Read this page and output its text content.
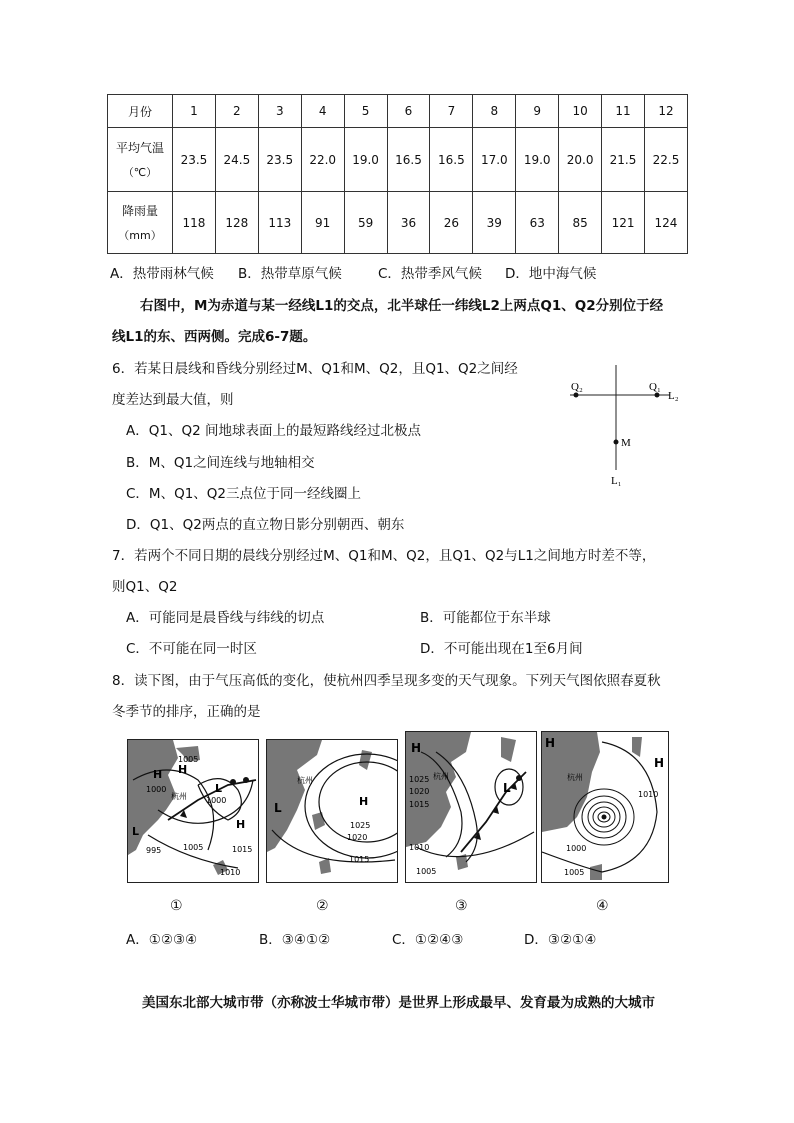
月份	1	2	3	4	5	6	7	8	9	10	11	12

平均气温
（℃）	23.5	24.5	23.5	22.0	19.0	16.5	16.5	17.0	19.0	20.0	21.5	22.5

降雨量
（mm）	118	128	113	91	59	36	26	39	63	85	121	124
A．热带雨林气候 B．热带草原气候	C．热带季风气候 D．地中海气候
右图中，M为赤道与某一经线L1的交点，北半球任一纬线L2上两点Q1、Q2分别位于经
线L1的东、西两侧。完成6-7题。
6．若某日晨线和昏线分别经过M、Q1和M、Q2，且Q1、Q2之间经
度差达到最大值，则
A．Q1、Q2 间地球表面上的最短路线经过北极点
B．M、Q1之间连线与地轴相交
C．M、Q1、Q2三点位于同一经线圈上
D．Q1、Q2两点的直立物日影分别朝西、朝东
Q₂	Q₁
L₂
M
L₁
7．若两个不同日期的晨线分别经过M、Q1和M、Q2，且Q1、Q2与L1之间地方时差不等，
则Q1、Q2
A．可能同是晨昏线与纬线的切点	B．可能都位于东半球
C．不可能在同一时区	D．不可能出现在1至6月间
8．读下图，由于气压高低的变化，使杭州四季呈现多变的天气现象。下列天气图依照春夏秋
冬季节的排序，正确的是
H H
L
L
H
杭州
1005
1000
1000
995	1005	1015
1010
H
L
杭州
1025
1020
1015
H
L
杭州
1025
1020
1015
1010
1005
H
H
杭州
1010
1000
1005
①	②	③	④
A．①②③④	B．③④①②	C．①②④③	D．③②①④
美国东北部大城市带（亦称波士华城市带）是世界上形成最早、发育最为成熟的大城市
